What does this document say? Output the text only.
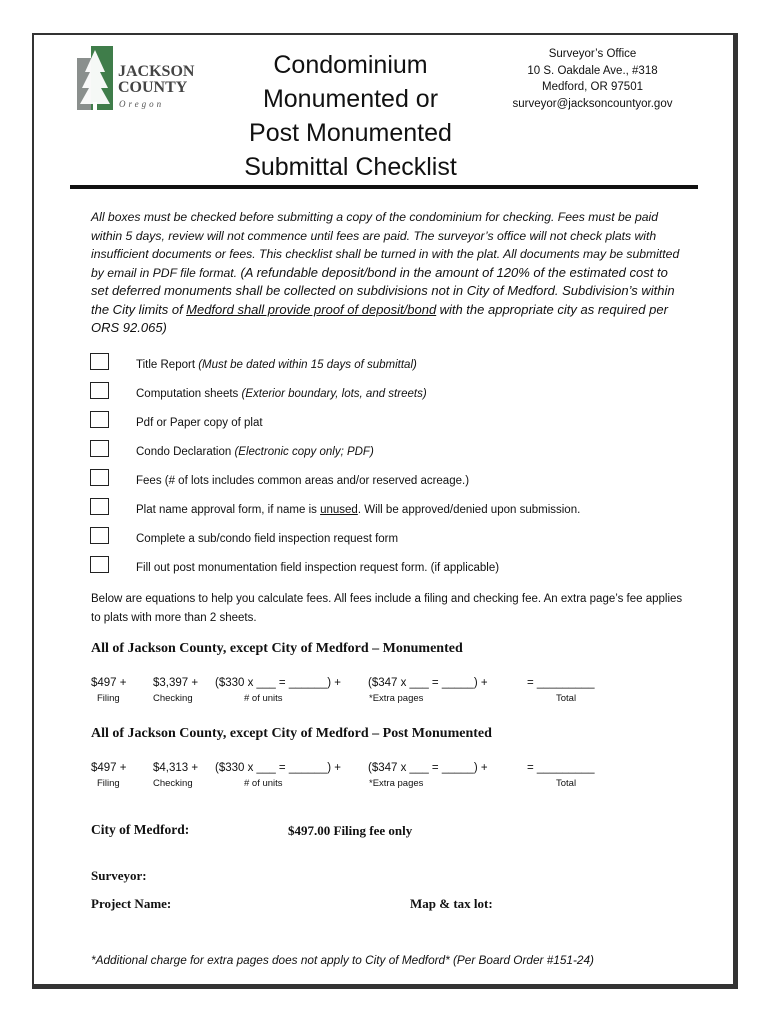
JACKSON
COUNTY
Oregon
Condominium
Monumented or
Post Monumented
Submittal Checklist
Surveyor’s Office
10 S. Oakdale Ave., #318
Medford, OR 97501
surveyor@jacksoncountyor.gov
All boxes must be checked before submitting a copy of the condominium for checking. Fees must be paid within 5 days, review will not commence until fees are paid. The surveyor’s office will not check plats with insufficient documents or fees. This checklist shall be turned in with the plat. All documents may be submitted by email in PDF file format. (A refundable deposit/bond in the amount of 120% of the estimated cost to set deferred monuments shall be collected on subdivisions not in City of Medford. Subdivision’s within the City limits of Medford shall provide proof of deposit/bond with the appropriate city as required per ORS 92.065)
Title Report (Must be dated within 15 days of submittal)
Computation sheets (Exterior boundary, lots, and streets)
Pdf or Paper copy of plat
Condo Declaration (Electronic copy only; PDF)
Fees (# of lots includes common areas and/or reserved acreage.)
Plat name approval form, if name is unused. Will be approved/denied upon submission.
Complete a sub/condo field inspection request form
Fill out post monumentation field inspection request form. (if applicable)
Below are equations to help you calculate fees. All fees include a filing and checking fee. An extra page’s fee applies to plats with more than 2 sheets.
All of Jackson County, except City of Medford – Monumented
$497 + $3,397 + ($330 x ___ = ______) + ($347 x ___ = _____) +	= _________
Filing	Checking	# of units	*Extra pages	Total
All of Jackson County, except City of Medford – Post Monumented
$497 + $4,313 + ($330 x ___ = ______) + ($347 x ___ = _____) +	= _________
Filing	Checking	# of units	*Extra pages	Total
City of Medford:	$497.00 Filing fee only
Surveyor:
Project Name:	Map & tax lot:
*Additional charge for extra pages does not apply to City of Medford* (Per Board Order #151-24)
